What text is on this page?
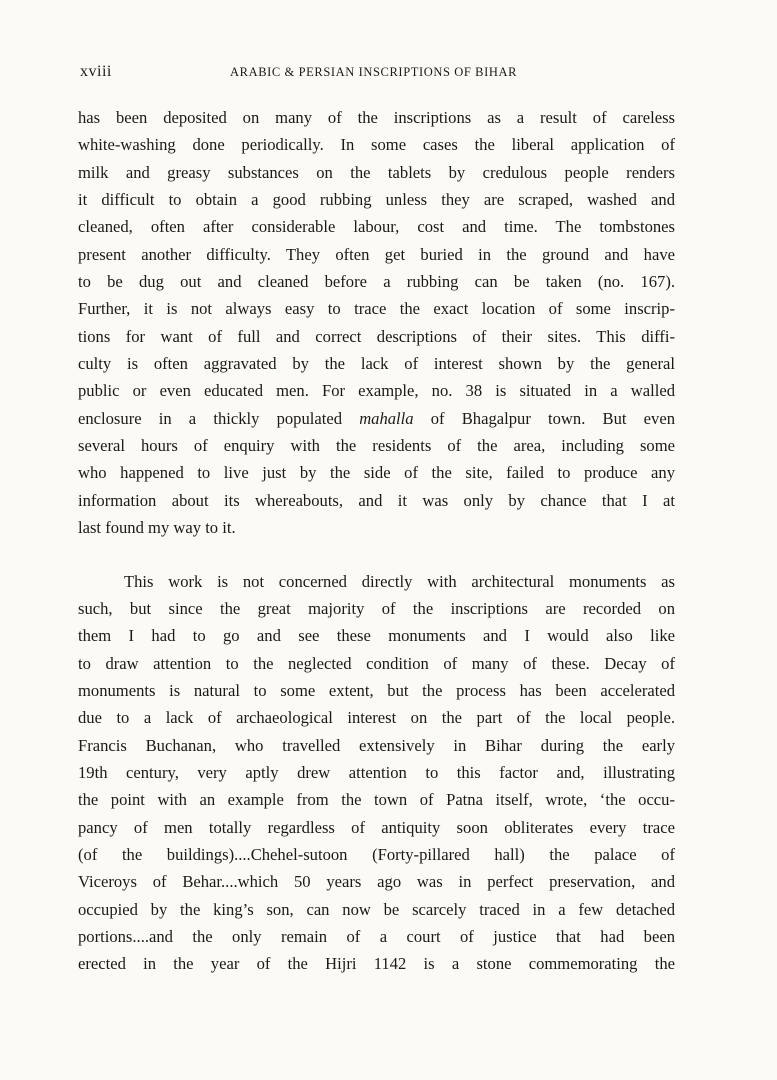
xviii	ARABIC & PERSIAN INSCRIPTIONS OF BIHAR

has been deposited on many of the inscriptions as a result of careless
white-washing done periodically. In some cases the liberal application of
milk and greasy substances on the tablets by credulous people renders
it difficult to obtain a good rubbing unless they are scraped, washed and
cleaned, often after considerable labour, cost and time. The tombstones
present another difficulty. They often get buried in the ground and have
to be dug out and cleaned before a rubbing can be taken (no. 167).
Further, it is not always easy to trace the exact location of some inscrip-
tions for want of full and correct descriptions of their sites. This diffi-
culty is often aggravated by the lack of interest shown by the general
public or even educated men. For example, no. 38 is situated in a walled
enclosure in a thickly populated mahalla of Bhagalpur town. But even
several hours of enquiry with the residents of the area, including some
who happened to live just by the side of the site, failed to produce any
information about its whereabouts, and it was only by chance that I at
last found my way to it.

This work is not concerned directly with architectural monuments as
such, but since the great majority of the inscriptions are recorded on
them I had to go and see these monuments and I would also like
to draw attention to the neglected condition of many of these. Decay of
monuments is natural to some extent, but the process has been accelerated
due to a lack of archaeological interest on the part of the local people.
Francis Buchanan, who travelled extensively in Bihar during the early
19th century, very aptly drew attention to this factor and, illustrating
the point with an example from the town of Patna itself, wrote, ‘the occu-
pancy of men totally regardless of antiquity soon obliterates every trace
(of the buildings)....Chehel-sutoon (Forty-pillared hall) the palace of
Viceroys of Behar....which 50 years ago was in perfect preservation, and
occupied by the king’s son, can now be scarcely traced in a few detached
portions....and the only remain of a court of justice that had been
erected in the year of the Hijri 1142 is a stone commemorating the
